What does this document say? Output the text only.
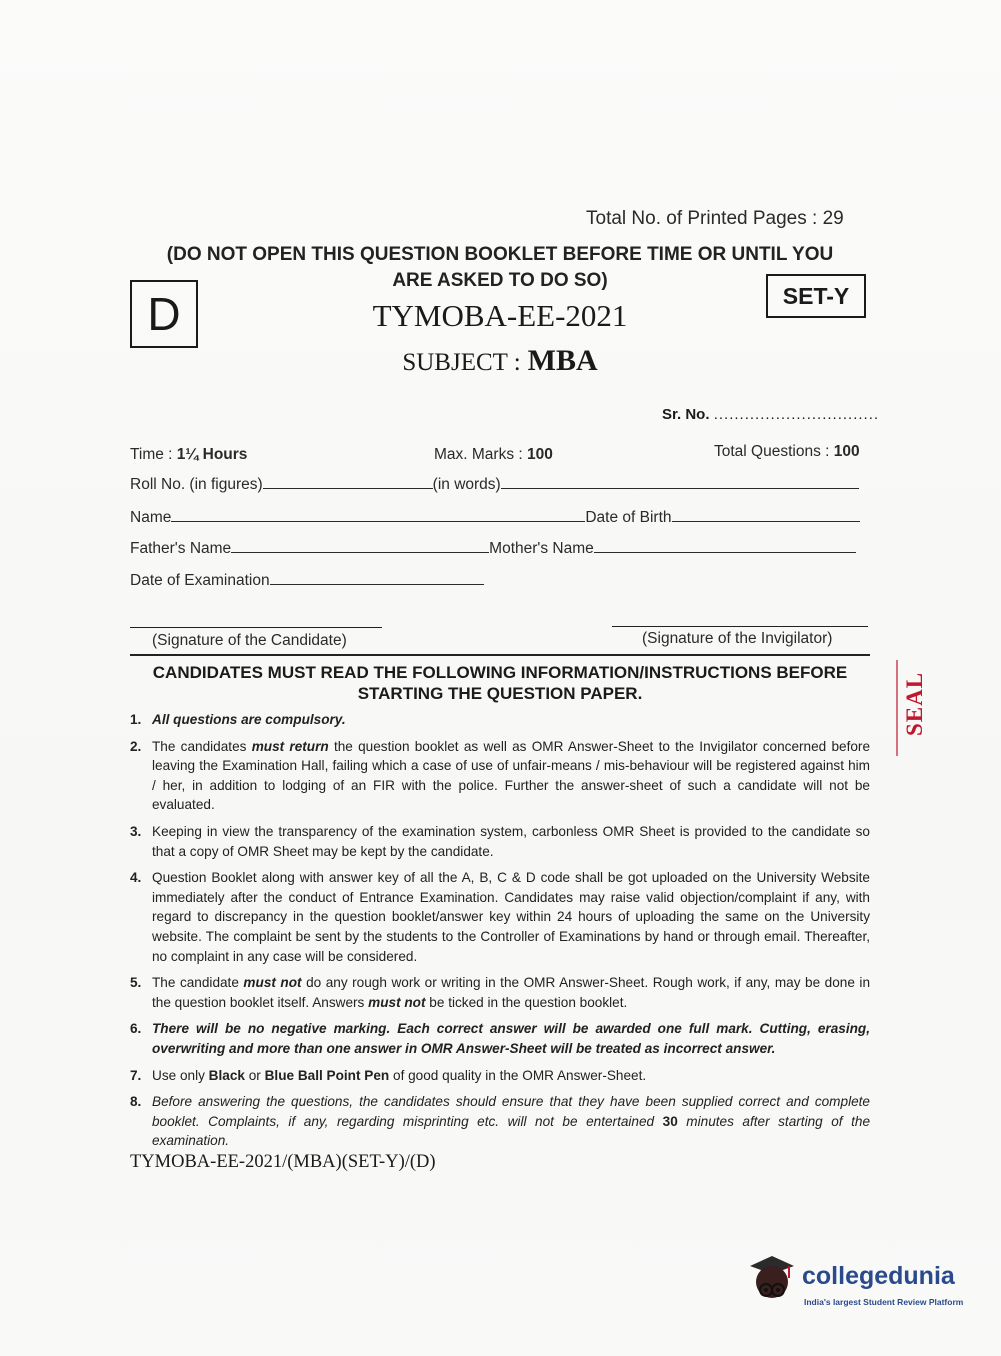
Total No. of Printed Pages : 29
(DO NOT OPEN THIS QUESTION BOOKLET BEFORE TIME OR UNTIL YOU
ARE ASKED TO DO SO)
D	SET-Y
TYMOBA-EE-2021
SUBJECT : MBA
Sr. No. ................................
Time : 1¼ Hours	Max. Marks : 100	Total Questions : 100
Roll No. (in figures)	(in words)
Name	Date of Birth
Father's Name	Mother's Name
Date of Examination
(Signature of the Candidate)	(Signature of the Invigilator)
CANDIDATES MUST READ THE FOLLOWING INFORMATION/INSTRUCTIONS BEFORE
STARTING THE QUESTION PAPER.
1. All questions are compulsory.
2. The candidates must return the question booklet as well as OMR Answer-Sheet to the Invigilator concerned before leaving the Examination Hall, failing which a case of use of unfair-means / mis-behaviour will be registered against him / her, in addition to lodging of an FIR with the police. Further the answer-sheet of such a candidate will not be evaluated.
3. Keeping in view the transparency of the examination system, carbonless OMR Sheet is provided to the candidate so that a copy of OMR Sheet may be kept by the candidate.
4. Question Booklet along with answer key of all the A, B, C & D code shall be got uploaded on the University Website immediately after the conduct of Entrance Examination. Candidates may raise valid objection/complaint if any, with regard to discrepancy in the question booklet/answer key within 24 hours of uploading the same on the University website. The complaint be sent by the students to the Controller of Examinations by hand or through email. Thereafter, no complaint in any case will be considered.
5. The candidate must not do any rough work or writing in the OMR Answer-Sheet. Rough work, if any, may be done in the question booklet itself. Answers must not be ticked in the question booklet.
6. There will be no negative marking. Each correct answer will be awarded one full mark. Cutting, erasing, overwriting and more than one answer in OMR Answer-Sheet will be treated as incorrect answer.
7. Use only Black or Blue Ball Point Pen of good quality in the OMR Answer-Sheet.
8. Before answering the questions, the candidates should ensure that they have been supplied correct and complete booklet. Complaints, if any, regarding misprinting etc. will not be entertained 30 minutes after starting of the examination.
TYMOBA-EE-2021/(MBA)(SET-Y)/(D)
SEAL
collegedunia
India's largest Student Review Platform
